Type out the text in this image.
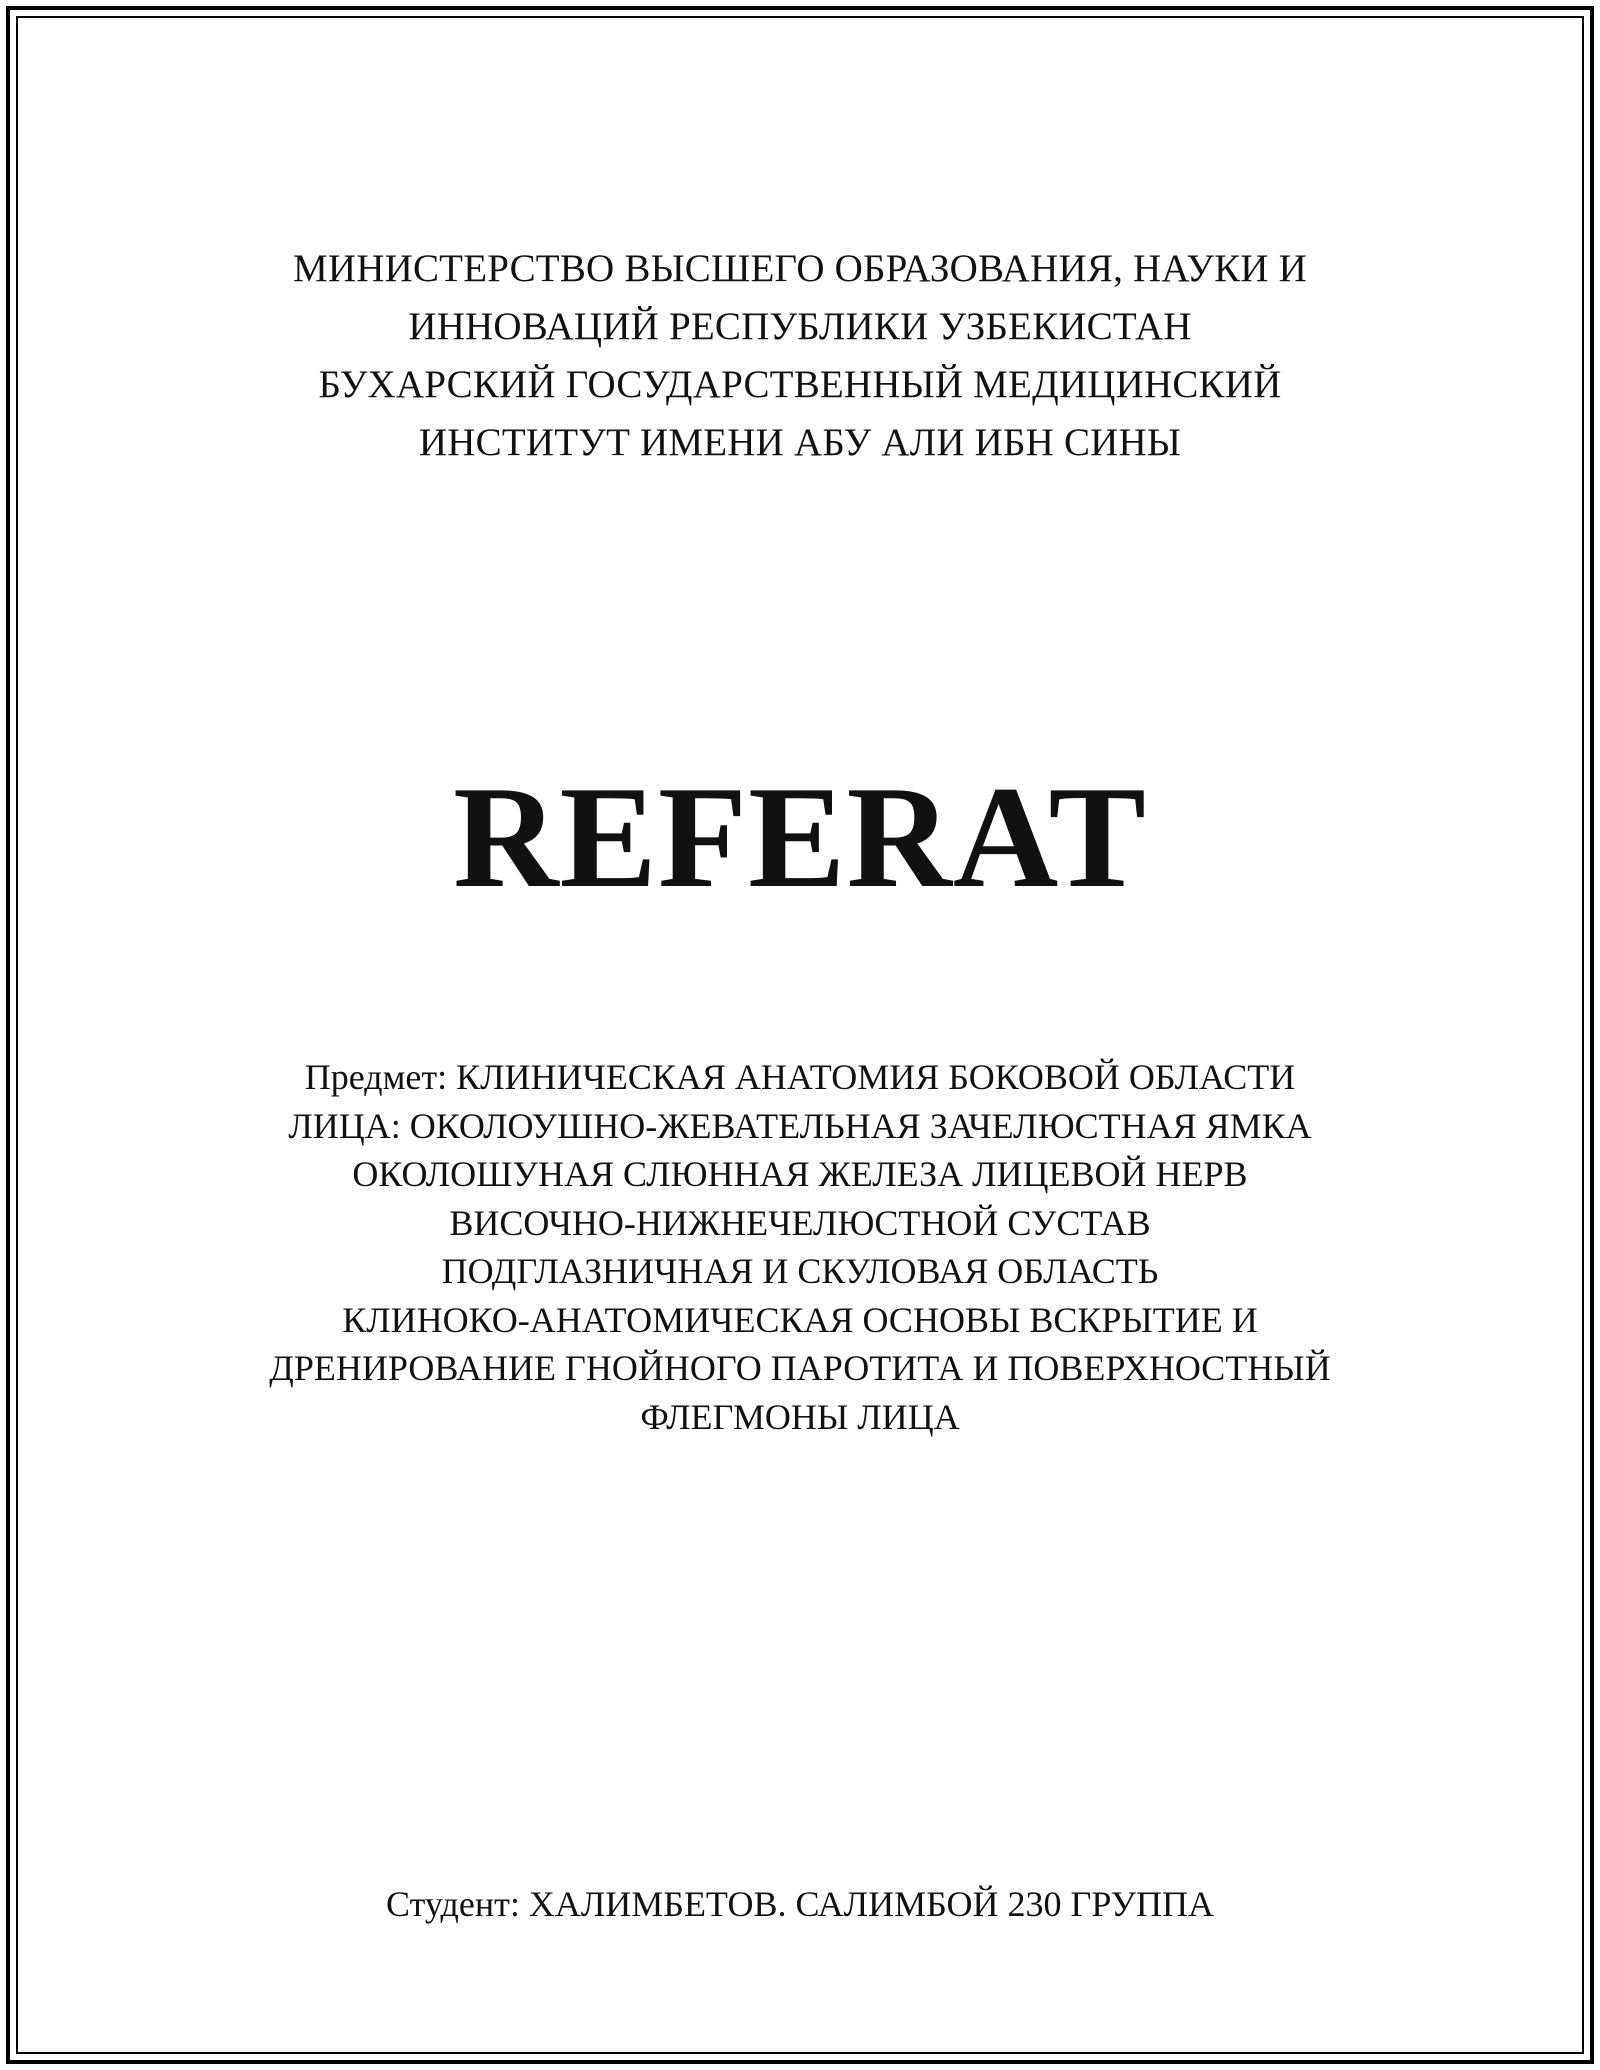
МИНИСТЕРСТВО ВЫСШЕГО ОБРАЗОВАНИЯ, НАУКИ И
ИННОВАЦИЙ РЕСПУБЛИКИ УЗБЕКИСТАН
БУХАРСКИЙ ГОСУДАРСТВЕННЫЙ МЕДИЦИНСКИЙ
ИНСТИТУТ ИМЕНИ АБУ АЛИ ИБН СИНЫ
REFERAT
Предмет: КЛИНИЧЕСКАЯ АНАТОМИЯ БОКОВОЙ ОБЛАСТИ
ЛИЦА: ОКОЛОУШНО-ЖЕВАТЕЛЬНАЯ ЗАЧЕЛЮСТНАЯ ЯМКА
ОКОЛОШУНАЯ СЛЮННАЯ ЖЕЛЕЗА ЛИЦЕВОЙ НЕРВ
ВИСОЧНО-НИЖНЕЧЕЛЮСТНОЙ СУСТАВ
ПОДГЛАЗНИЧНАЯ И СКУЛОВАЯ ОБЛАСТЬ
КЛИНОКО-АНАТОМИЧЕСКАЯ ОСНОВЫ ВСКРЫТИЕ И
ДРЕНИРОВАНИЕ ГНОЙНОГО ПАРОТИТА И ПОВЕРХНОСТНЫЙ
ФЛЕГМОНЫ ЛИЦА
Студент: ХАЛИМБЕТОВ. САЛИМБОЙ 230 ГРУППА
